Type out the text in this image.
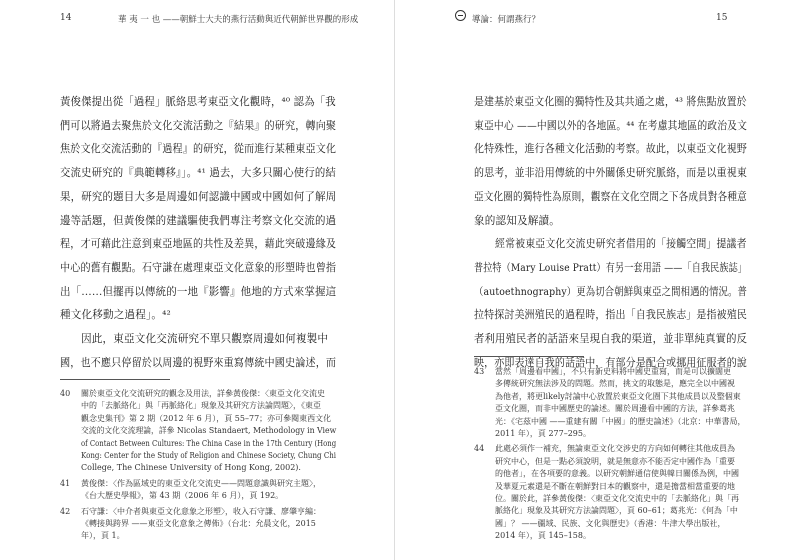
14	華 夷 一 也 ——朝鮮士大夫的燕行活動與近代朝鮮世界觀的形成
黃俊傑提出從「過程」脈絡思考東亞文化觀時，⁴⁰ 認為「我
們可以將過去聚焦於文化交流活動之『結果』的研究，轉向聚
焦於文化交流活動的『過程』的研究，從而進行某種東亞文化
交流史研究的『典範轉移』」。⁴¹ 過去，大多只關心使行的結
果，研究的題目大多是周邊如何認識中國或中國如何了解周
邊等話題，但黃俊傑的建議驅使我們專注考察文化交流的過
程，才可藉此注意到東亞地區的共性及差異，藉此突破邊緣及
中心的舊有觀點。石守謙在處理東亞文化意象的形塑時也曾指
出「……但擺再以傳統的一地『影響』他地的方式來掌握這
種文化移動之過程」。⁴²
因此，東亞文化交流研究不單只觀察周邊如何複製中
國，也不應只停留於以周邊的視野來重寫傳統中國史論述，而
40 關於東亞文化交流研究的觀念及用法，詳參黃俊傑：〈東亞文化交流史
中的「去脈絡化」與「再脈絡化」現象及其研究方法論問題〉，《東亞
觀念史集刊》第 2 期（2012 年 6 月），頁 55–77；亦可參閱東西文化
交流的文化交流理論，詳參 Nicolas Standaert, Methodology in View
of Contact Between Cultures: The China Case in the 17th Century (Hong
Kong: Center for the Study of Religion and Chinese Society, Chung Chi
College, The Chinese University of Hong Kong, 2002).
41 黃俊傑：〈作為區域史的東亞文化交流史——問題意識與研究主題〉，
《台大歷史學報》，第 43 期（2006 年 6 月），頁 192。
42 石守謙：〈中介者與東亞文化意象之形塑〉，收入石守謙、廖肇亨編：
《轉接與跨界 ——東亞文化意象之傳佈》（台北：允晨文化，2015
年），頁 1。
導論：何謂燕行？	15
是建基於東亞文化圈的獨特性及其共通之處，⁴³ 將焦點放置於
東亞中心 ——中國以外的各地區。⁴⁴ 在考慮其地區的政治及文
化特殊性，進行各種文化活動的考察。故此，以東亞文化視野
的思考，並非沿用傳統的中外關係史研究脈絡，而是以重視東
亞文化圈的獨特性為原則，觀察在文化空間之下各成員對各種意
象的認知及解讀。
經常被東亞文化交流史研究者借用的「接觸空間」提議者
普拉特（Mary Louise Pratt）有另一套用語 ——「自我民族誌」
（autoethnography）更為切合朝鮮與東亞之間相遇的情況。普
拉特探討美洲殖民的過程時，指出「自我民族志」是指被殖民
者利用殖民者的話語來呈現自我的渠道，並非單純真實的反
映，亦即表達自我的話語中，有部分是配合或挪用征服者的說
43 當然「周邊看中國」，不只有新史料將中國史重寫，而是可以擴闊更
多傳統研究無法涉及的問題。然而，挑文的取態是，應完全以中國視
為他者，將更likely討論中心放置於東亞文化圈下其他成員以及整個東
亞文化圈，而非中國歷史的論述。關於周邊看中國的方法，詳參葛兆
光：《宅茲中國 ——重建有關「中國」的歷史論述》（北京：中華書局，
2011 年），頁 277–295。
44 此處必須作一補充，無論東亞文化交涉史的方向如何轉往其他成員為
研究中心，但是一點必須說明，就是無意亦不能否定中國作為「重要
的他者」，在各項要的意義。以研究朝鮮通信使與韓日關係為例，中國
及華夏元素還是不斷在朝鮮對日本的觀察中，還是擔當相當重要的地
位。關於此，詳參黃俊傑：〈東亞文化交流史中的「去脈絡化」與「再
脈絡化」現象及其研究方法論問題〉，頁 60–61；葛兆光：《何為「中
國」？ ——疆域、民族、文化與歷史》（香港：牛津大學出版社，
2014 年），頁 145–158。
